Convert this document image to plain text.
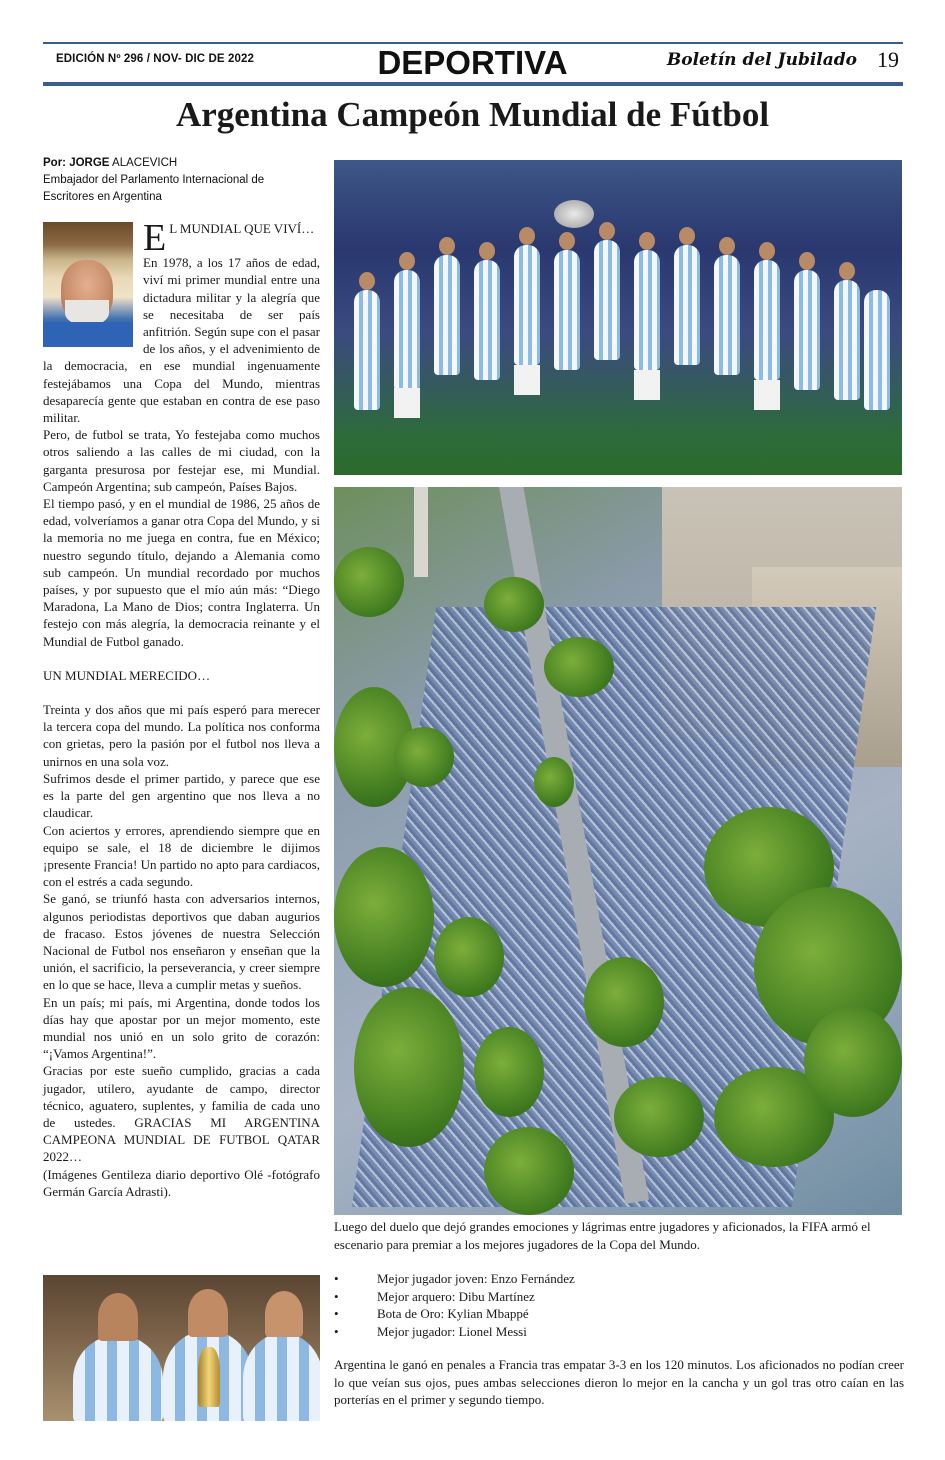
EDICIÓN Nº 296 / NOV- DIC DE 2022	DEPORTIVA	Boletín del Jubilado 19
Argentina Campeón Mundial de Fútbol
Por: JORGE ALACEVICH
Embajador del Parlamento Internacional de
Escritores en Argentina

E L MUNDIAL QUE VIVÍ…

En 1978, a los 17 años de edad, viví mi primer mundial entre una dictadura militar y la alegría que se necesitaba de ser país anfitrión. Según supe con el pasar de los años, y el advenimiento de la democracia, en ese mundial ingenuamente festejábamos una Copa del Mundo, mientras desaparecía gente que estaban en contra de ese paso militar.

Pero, de futbol se trata, Yo festejaba como muchos otros saliendo a las calles de mi ciudad, con la garganta presurosa por festejar ese, mi Mundial. Campeón Argentina; sub campeón, Países Bajos.

El tiempo pasó, y en el mundial de 1986, 25 años de edad, volveríamos a ganar otra Copa del Mundo, y si la memoria no me juega en contra, fue en México; nuestro segundo título, dejando a Alemania como sub campeón. Un mundial recordado por muchos países, y por supuesto que el mío aún más: “Diego Maradona, La Mano de Dios; contra Inglaterra. Un festejo con más alegría, la democracia reinante y el Mundial de Futbol ganado.

UN MUNDIAL MERECIDO…

Treinta y dos años que mi país esperó para merecer la tercera copa del mundo. La política nos conforma con grietas, pero la pasión por el futbol nos lleva a unirnos en una sola voz.

Sufrimos desde el primer partido, y parece que ese es la parte del gen argentino que nos lleva a no claudicar.

Con aciertos y errores, aprendiendo siempre que en equipo se sale, el 18 de diciembre le dijimos ¡presente Francia! Un partido no apto para cardiacos, con el estrés a cada segundo.

Se ganó, se triunfó hasta con adversarios internos, algunos periodistas deportivos que daban augurios de fracaso. Estos jóvenes de nuestra Selección Nacional de Futbol nos enseñaron y enseñan que la unión, el sacrificio, la perseverancia, y creer siempre en lo que se hace, lleva a cumplir metas y sueños.

En un país; mi país, mi Argentina, donde todos los días hay que apostar por un mejor momento, este mundial nos unió en un solo grito de corazón: “¡Vamos Argentina!”.

Gracias por este sueño cumplido, gracias a cada jugador, utilero, ayudante de campo, director técnico, aguatero, suplentes, y familia de cada uno de ustedes. GRACIAS MI ARGENTINA CAMPEONA MUNDIAL DE FUTBOL QATAR 2022…

(Imágenes Gentileza diario deportivo Olé -fotógrafo Germán García Adrasti).

Luego del duelo que dejó grandes emociones y lágrimas entre jugadores y aficionados, la FIFA armó el escenario para premiar a los mejores jugadores de la Copa del Mundo.

•	Mejor jugador joven: Enzo Fernández
•	Mejor arquero: Dibu Martínez
•	Bota de Oro: Kylian Mbappé
•	Mejor jugador: Lionel Messi

Argentina le ganó en penales a Francia tras empatar 3-3 en los 120 minutos. Los aficionados no podían creer lo que veían sus ojos, pues ambas selecciones dieron lo mejor en la cancha y un gol tras otro caían en las porterías en el primer y segundo tiempo.
